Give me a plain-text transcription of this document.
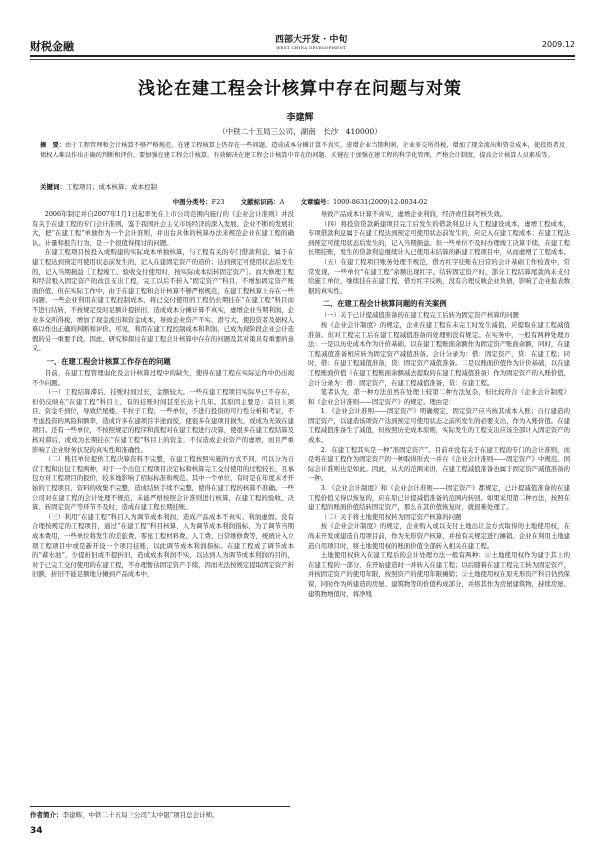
财税金融	西部大开发 · 中旬
WEST CHINA DEVELOPMENT	2009.12
浅论在建工程会计核算中存在问题与对策
李建辉
（中铁二十五局三公司，湖南　长沙　410000）
摘　要：由于工程管理和会计核算不够严格规范，在建工程核算上仍存在一些问题，造成成本分摊计算不真实，虚增企业当期利润，企业多交所得税，增加了现金流出和资金成本，使投资者及债权人难以作出正确的判断和评价。要加强在建工程会计核算，有效解决在建工程会计核算中存在的问题，关键在于加强在建工程的科学化管理，严格会计制度，提高会计核算人员素质等。
关键词：工程项目；成本核算；成本控制
中图分类号：F23 文献标识码：A 文章编号：1009-8631(2009)12-0034-02

2006年制定并自2007年1月1日起率先在上市公司范围内施行的《企业会计准则》并没有关于在建工程的专门会计准则，鉴于我国社会主义市场经济的深入发展、企业不断的发展壮大，把“在建工程”单独作为一个会计准则，并出台具体的核算办法来规范企业在建工程的确认、计量和报告行为，是一个很值得探讨的问题。

在建工程项目按投入或购建的实际成本单独核算，与工程有关的专门借款利息，属于在建工程达到预定可使用状态前发生的，记入在建固定资产的造价；达到预定可使用状态后发生的，记入当期损益［工程竣工、验收交付使用时，按实际成本结转固定资产］。而大修理工程和经营租入固定资产的改良支出工程，完工以后不转入“固定资产”科目，不增加固定资产账面价值，但在实际工作中，由于在建工程和会计核算不够严格规范，在建工程核算上存在一些问题，一些企业利用在建工程控制成本，将已交付使用的工程仍长期挂在“在建工程”科目而不进行结转，不按规定及时足额计提折旧，造成成本分摊计算不真实，虚增企业当期利润，企业多交所得税，增加了现金流出和资金成本，导致企业资产不实、潜亏大，使投资者及债权人难以作出正确的判断和评价。可见，利用在建工程控制成本和利润，已成为现阶段企业会计造假的另一重要手段。因此，研究和探讨在建工程会计核算中存在的问题及其对策具有重要的意义。

一、在建工程会计核算工作存在的问题

目前，在建工程管理弱化及会计核算过程中的缺失，使得在建工程在实际运作中仍出现不少问题。

（一）工程结算滞后，挂账时间过长，金额较大。一些在建工程项目实际早已不存在，但仍反映在“在建工程”科目上，有的挂账时间甚至长达十几年。其原因主要是：首目上项目、资金不到位，导致烂尾楼、半拉子工程；一些单位，不进行投资的可行性分析和考证，不考虑投资的风险和额率，造成许多在建项目半途而废，使很多在建项目损失，或成为无效在建项目。还有一些单位，不按照规定的程序和流程对在建工程进行决算，使很多在建工程结算及核对滞后，或成为长期挂在“在建工程”科目上的资金，不仅造成企业资产的虚增，而且严重影响了企业财务状况的真实性和准确性。

（二）账目单位提供工程决算资料不完整，在建工程按照实施的方式不同，可以分为自营工程和出包工程两种，对于一个出包工程项目决定标和核算完工交付使用的过程较长，且承包方对工程项目的报价，较多地影响了招标标准和规范。其中一个单位，有时是在年度末才开始的工程项目，资料的收集不完整，造成结转手续不完整，使得在建工程的核算不准确。一些公司对在建工程的会计处理不规范，未能严格按照会计准则进行核算，在建工程的验收、决算、转固定资产等环节不及时，造成在建工程长期挂账。

（三）利用“在建工程”科目人为调节成本利润，造成产品成本不真实、利润虚假。没有合理按规定的工程项目，通过“在建工程”科目核算，人为调节成本利润指标，为了调节当期成本费用，一些单位将发生的差旅费、零星工程材料费、人工费、日常维修费等，统统计入立项工程项目中或是新开设一个项目挂账，以此调节成本利润指标。在建工程成了调节成本的“蓄水池”，少提折旧或不提折旧，造成成本利润不实，以达到人为调节成本利润的目的，对于已完工交付使用的在建工程，不办理暂估固定资产手续，因而无法按规定提取固定资产折旧额，折旧不能足额地分摊到产品成本中，

导致产品成本计算不真实，虚增企业利润，经济责任制考核失效。

（四）将投资贷款新建项目完工后发生的借款利息计入工程建设成本，虚增工程成本，专项借款利息属于在建工程达到预定可使用状态前发生的，应记入在建工程成本；在建工程达到预定可使用状态后发生的，记入当期损益。但一些单位不及时办理竣工决算手续，在建工程长期挂账，发生的贷款利息继续计入已使用未结算的新建工程项目中，从而虚增了工程成本。

（五）在建工程项目账务处理不规范，借方红字挂账在日常的会计基础工作检查中，常常发现，一些单位“在建工程”余额出现红字。结转固定资产时，部分工程结算尾款尚未支付给施工单位，继续挂在在建工程，借方红字反映，没有合理反映企业负债，影响了企业报表数据的真实性。

二、在建工程会计核算问题的有关案例

（一）关于已计提减值准备的在建工程完工后转为固定资产核算的问题

按《企业会计制度》的规定，企业在建工程在未完工时发生减值，应提取在建工程减值准备。但对工程完工后在建工程减值准备的处理则没有规定。在实务中，一般有两种处理方法：一是以历史成本作为计价基础，以在建工程账面余额作为固定资产账面余额，同时，在建工程减值准备相应转为固定资产减值准备。会计分录为：借：固定资产，贷：在建工程；同时，借：在建工程减值准备，贷：固定资产减值准备。二是以账面价值作为计价基础，以在建工程账面价值（在建工程账面余额减去提取的在建工程减值准备）作为固定资产的入账价值，会计分录为：借：固定资产，在建工程减值准备，贷：在建工程。

笔者认为，第一种方法虽然在处理上较第二种方法复杂，但比较符合《企业会计制度》和《企业会计准则——固定资产》的规定。理由是：

1．《企业会计准则——固定资产》明确规定，固定资产应当按其成本入账；自行建造的固定资产，以建造该项资产达到预定可使用状态之前所发生的必要支出，作为入账价值。在建工程减值准备生了减值，但按照历史成本原则，实际发生的工程支出应该全部计入固定资产的成本。

2．在建工程其实是一种“准固定资产”。目前并没有关于在建工程的专门的会计准则，而是将在建工程作为固定资产的一种取得形式一并在《企业会计准则——固定资产》中规范。国际会计准则也是如此。因此，从大的范围来讲，在建工程减值准备也属于固定资产减值准备的一种。

3．《企业会计制度》和《企业会计准则——固定资产》都规定，已计提减值准备的在建工程价值又得以恢复的，应在原已计提减值准备的范围内转回。如果采用第二种方法，按照在建工程的账面价值结转固定资产，那么在其价值恢复时，就很难处理了。

（二）关于将土地使用权转为固定资产核算的问题

按《企业会计制度》的规定，企业购入或以支付土地出让金方式取得的土地使用权，在尚未开发或建造自用项目前，作为无形资产核算，并按有关规定进行摊销。企业在利用土地建造自用项目时，将土地使用权的账面价值全部转入相关在建工程。

土地使用权转入在建工程后的会计处理方法一般有两种：①土地使用权作为建于其上的在建工程的一部分，在开始建造时一并转入在建工程；以后随着在建工程完工转为固定资产，并按固定资产的使用年限，按照资产的使用年限摊销；②土地使用权在原无形资产科目仍然保留，同时作为所建造的房屋、建筑物等的价值构成部分，并将其作为房屋建筑物，持续房屋、建筑物增值时，将净残

作者简介：李建辉，中铁二十五局三公司“太中银”项目总会计师。
34
